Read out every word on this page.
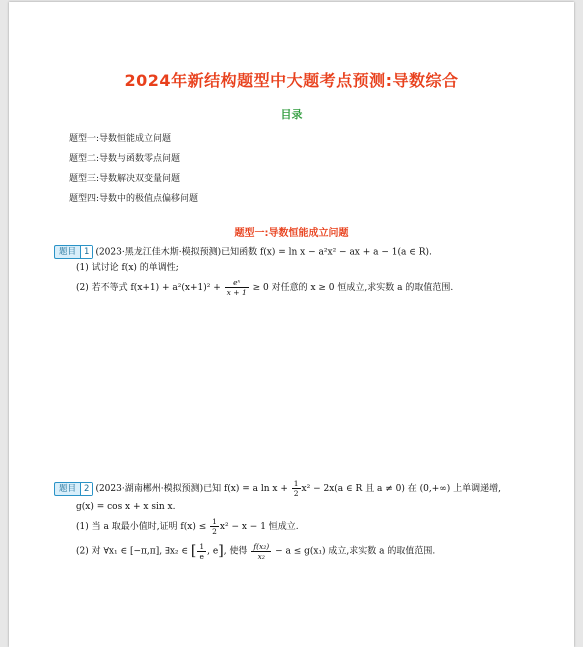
2024年新结构题型中大题考点预测:导数综合
目录
题型一:导数恒能成立问题
题型二:导数与函数零点问题
题型三:导数解决双变量问题
题型四:导数中的极值点偏移问题
题型一:导数恒能成立问题
题目 1 (2023·黑龙江佳木斯·模拟预测)已知函数 f(x) = ln x − a²x² − ax + a − 1(a ∈ R).
(1) 试讨论 f(x) 的单调性;
(2) 若不等式 $f(x+1) + a^2(x+1)^2 + \frac{\text{eˣ}}{x + 1} \ge 0$ 对任意的 x ≥ 0 恒成立,求实数 a 的取值范围.
题目 2 (2023·湖南郴州·模拟预测)已知 f(x) = a $\ln x + \frac{1}{2} x^2 - 2x(a$ ∈ R 且 a ≠ 0) 在 (0,+∞) 上单调递增,
g(x) = cos x + x sin x.
(1) 当 a 取最小值时,证明 $f(x) \le \frac{1}{2} x^2 - x - 1$ 恒成立.
(2) 对 ∀x₁ ∈ [−π,π], ∃x₂ ∈ [ $\frac{1}{e}$ , e], 使得 $\frac{\text{f(x₂)}}{\text{x₂}} - a \le g(x_1)$ 成立,求实数 a 的取值范围.
